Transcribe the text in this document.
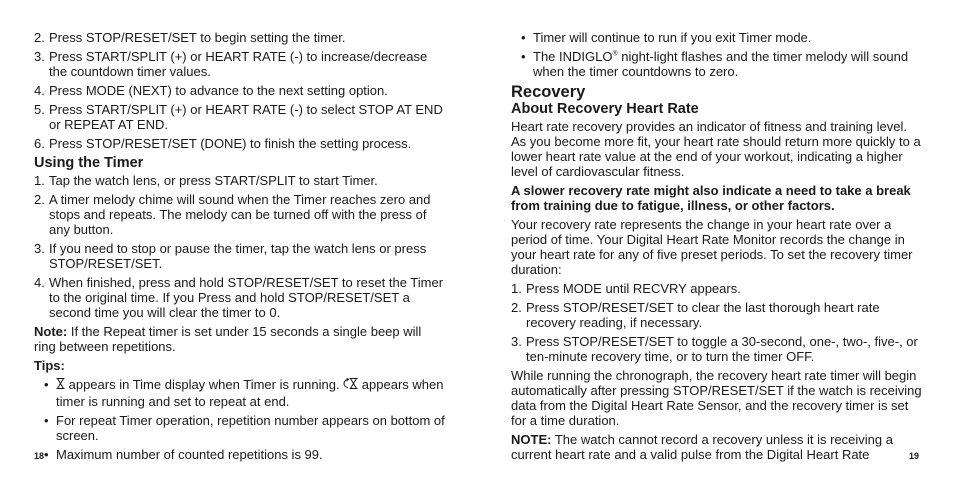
2. Press STOP/RESET/SET to begin setting the timer.
3. Press START/SPLIT (+) or HEART RATE (-) to increase/decrease the countdown timer values.
4. Press MODE (NEXT) to advance to the next setting option.
5. Press START/SPLIT (+) or HEART RATE (-) to select STOP AT END or REPEAT AT END.
6. Press STOP/RESET/SET (DONE) to finish the setting process.
Using the Timer
1. Tap the watch lens, or press START/SPLIT to start Timer.
2. A timer melody chime will sound when the Timer reaches zero and stops and repeats. The melody can be turned off with the press of any button.
3. If you need to stop or pause the timer, tap the watch lens or press STOP/RESET/SET.
4. When finished, press and hold STOP/RESET/SET to reset the Timer to the original time. If you Press and hold STOP/RESET/SET a second time you will clear the timer to 0.
Note: If the Repeat timer is set under 15 seconds a single beep will ring between repetitions.
Tips:
• appears in Time display when Timer is running.  appears when timer is running and set to repeat at end.
• For repeat Timer operation, repetition number appears on bottom of screen.
• Maximum number of counted repetitions is 99.
18
• Timer will continue to run if you exit Timer mode.
• The INDIGLO® night-light flashes and the timer melody will sound when the timer countdowns to zero.
Recovery
About Recovery Heart Rate
Heart rate recovery provides an indicator of fitness and training level. As you become more fit, your heart rate should return more quickly to a lower heart rate value at the end of your workout, indicating a higher level of cardiovascular fitness.
A slower recovery rate might also indicate a need to take a break from training due to fatigue, illness, or other factors.
Your recovery rate represents the change in your heart rate over a period of time. Your Digital Heart Rate Monitor records the change in your heart rate for any of five preset periods. To set the recovery timer duration:
1. Press MODE until RECVRY appears.
2. Press STOP/RESET/SET to clear the last thorough heart rate recovery reading, if necessary.
3. Press STOP/RESET/SET to toggle a 30-second, one-, two-, five-, or ten-minute recovery time, or to turn the timer OFF.
While running the chronograph, the recovery heart rate timer will begin automatically after pressing STOP/RESET/SET if the watch is receiving data from the Digital Heart Rate Sensor, and the recovery timer is set for a time duration.
NOTE: The watch cannot record a recovery unless it is receiving a current heart rate and a valid pulse from the Digital Heart Rate	19
